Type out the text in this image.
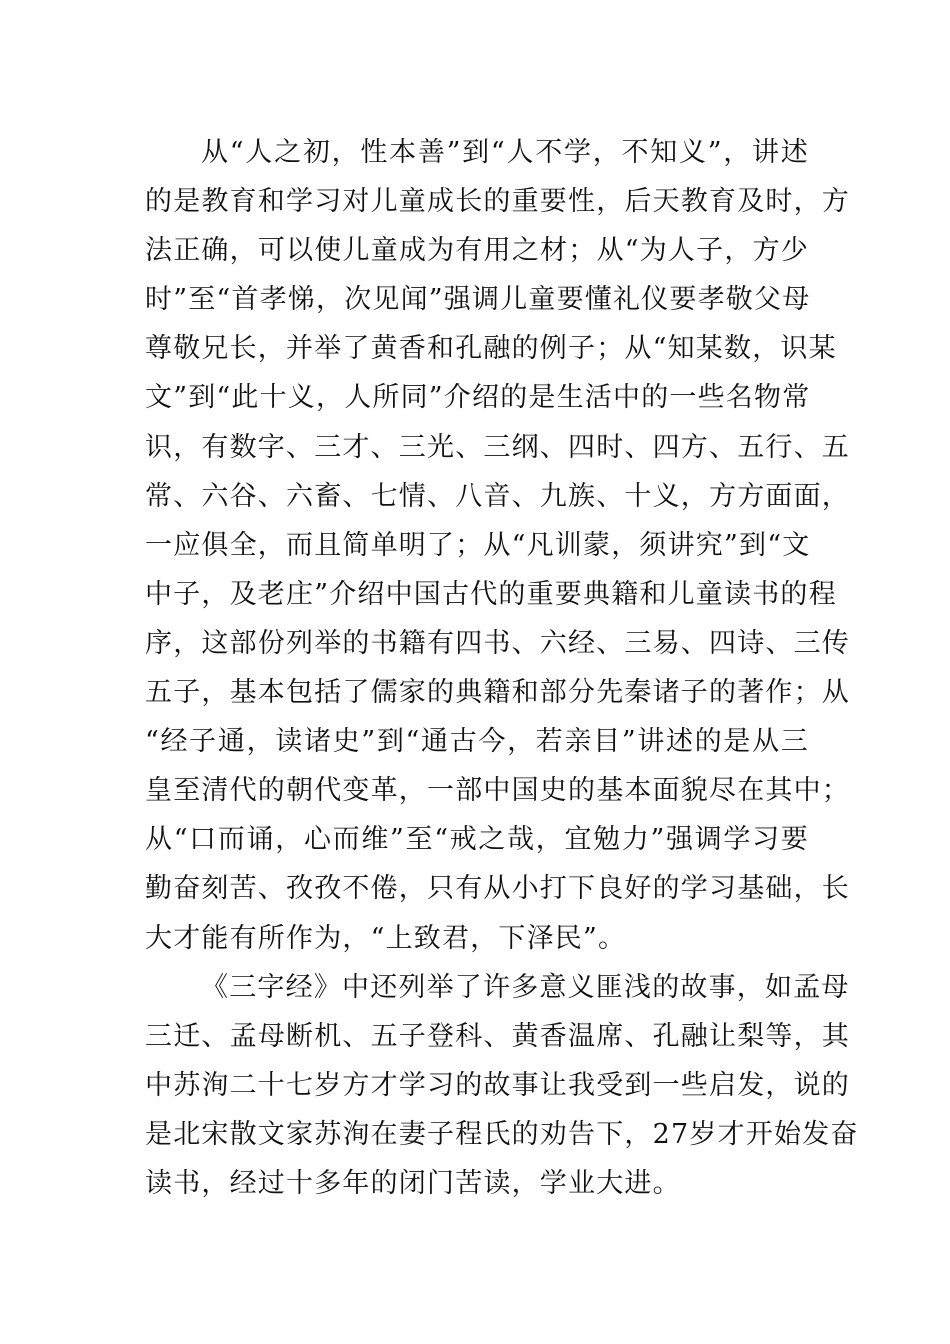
从“人之初，性本善”到“人不学，不知义”，讲述
的是教育和学习对儿童成长的重要性，后天教育及时，方
法正确，可以使儿童成为有用之材；从“为人子，方少
时”至“首孝悌，次见闻”强调儿童要懂礼仪要孝敬父母
尊敬兄长，并举了黄香和孔融的例子；从“知某数，识某
文”到“此十义，人所同”介绍的是生活中的一些名物常
识，有数字、三才、三光、三纲、四时、四方、五行、五
常、六谷、六畜、七情、八音、九族、十义，方方面面，
一应俱全，而且简单明了；从“凡训蒙，须讲究”到“文
中子，及老庄”介绍中国古代的重要典籍和儿童读书的程
序，这部份列举的书籍有四书、六经、三易、四诗、三传
五子，基本包括了儒家的典籍和部分先秦诸子的著作；从
“经子通，读诸史”到“通古今，若亲目”讲述的是从三
皇至清代的朝代变革，一部中国史的基本面貌尽在其中；
从“口而诵，心而维”至“戒之哉，宜勉力”强调学习要
勤奋刻苦、孜孜不倦，只有从小打下良好的学习基础，长
大才能有所作为，“上致君，下泽民”。
《三字经》中还列举了许多意义匪浅的故事，如孟母
三迁、孟母断机、五子登科、黄香温席、孔融让梨等，其
中苏洵二十七岁方才学习的故事让我受到一些启发，说的
是北宋散文家苏洵在妻子程氏的劝告下，27岁才开始发奋
读书，经过十多年的闭门苦读，学业大进。
